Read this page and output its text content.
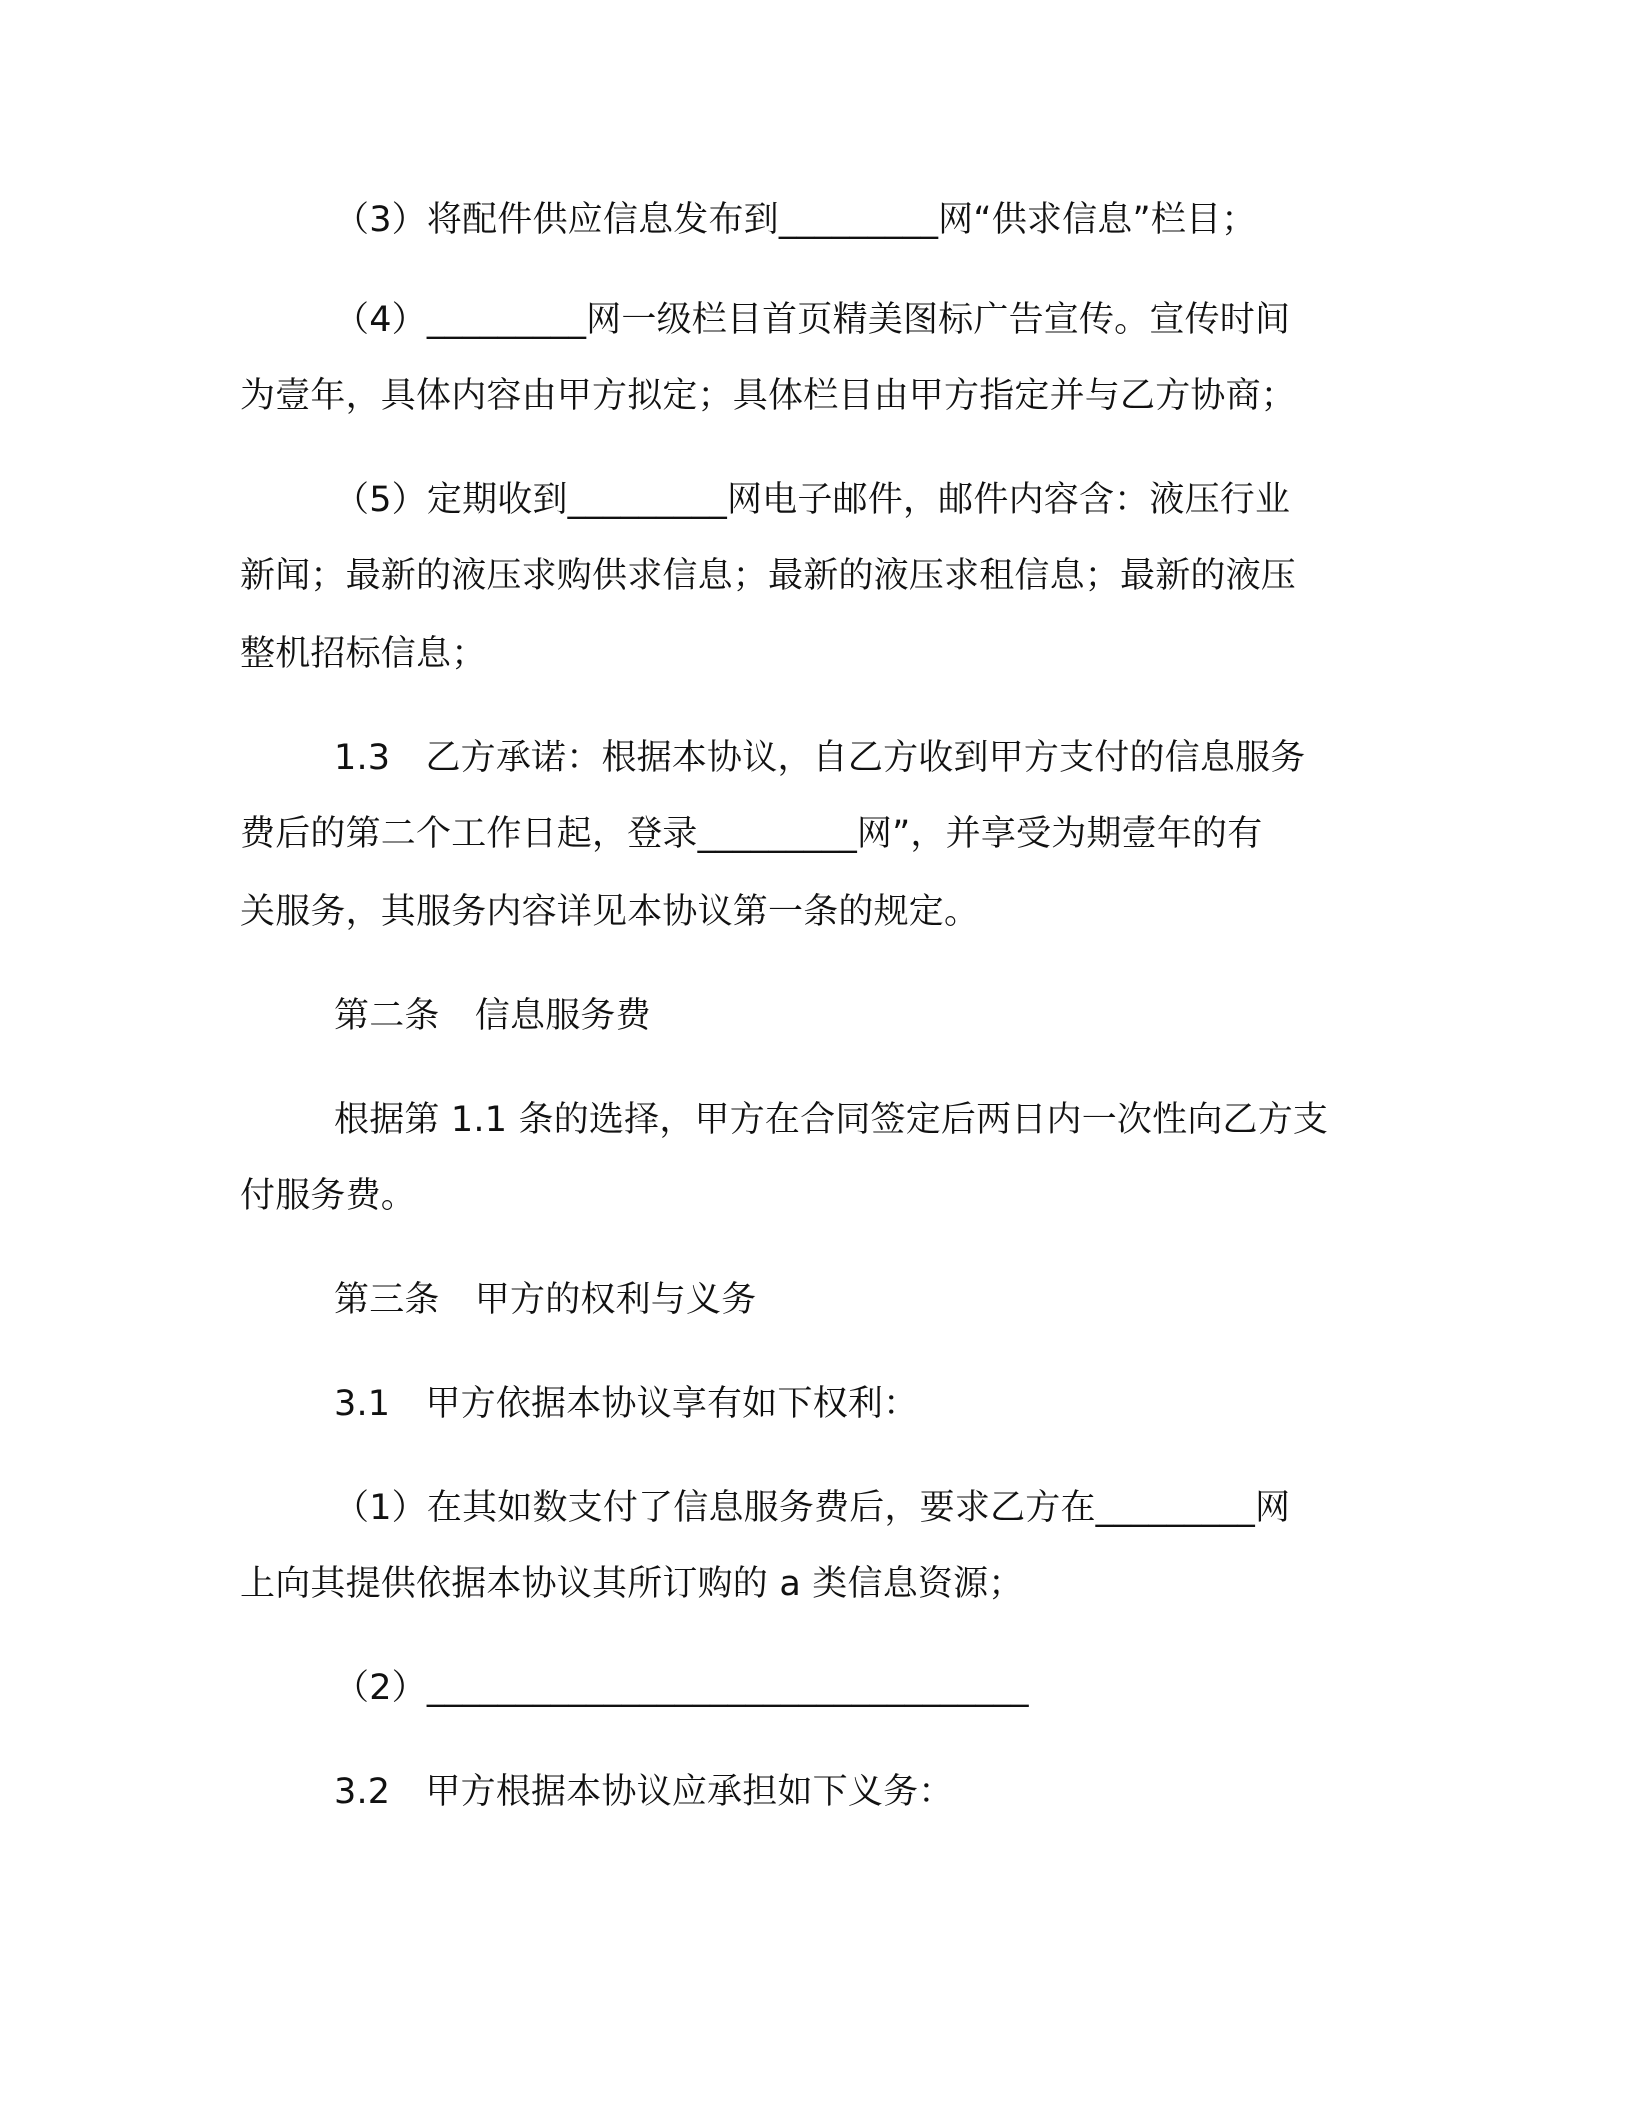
（3）将配件供应信息发布到_________网“供求信息”栏目；
（4）_________网一级栏目首页精美图标广告宣传。宣传时间
为壹年，具体内容由甲方拟定；具体栏目由甲方指定并与乙方协商；
（5）定期收到_________网电子邮件，邮件内容含：液压行业
新闻；最新的液压求购供求信息；最新的液压求租信息；最新的液压
整机招标信息；
1.3　乙方承诺：根据本协议，自乙方收到甲方支付的信息服务
费后的第二个工作日起，登录_________网”，并享受为期壹年的有
关服务，其服务内容详见本协议第一条的规定。
第二条　信息服务费
根据第 1.1 条的选择，甲方在合同签定后两日内一次性向乙方支
付服务费。
第三条　甲方的权利与义务
3.1　甲方依据本协议享有如下权利：
（1）在其如数支付了信息服务费后，要求乙方在_________网
上向其提供依据本协议其所订购的 a 类信息资源；
（2）__________________________________
3.2　甲方根据本协议应承担如下义务：
